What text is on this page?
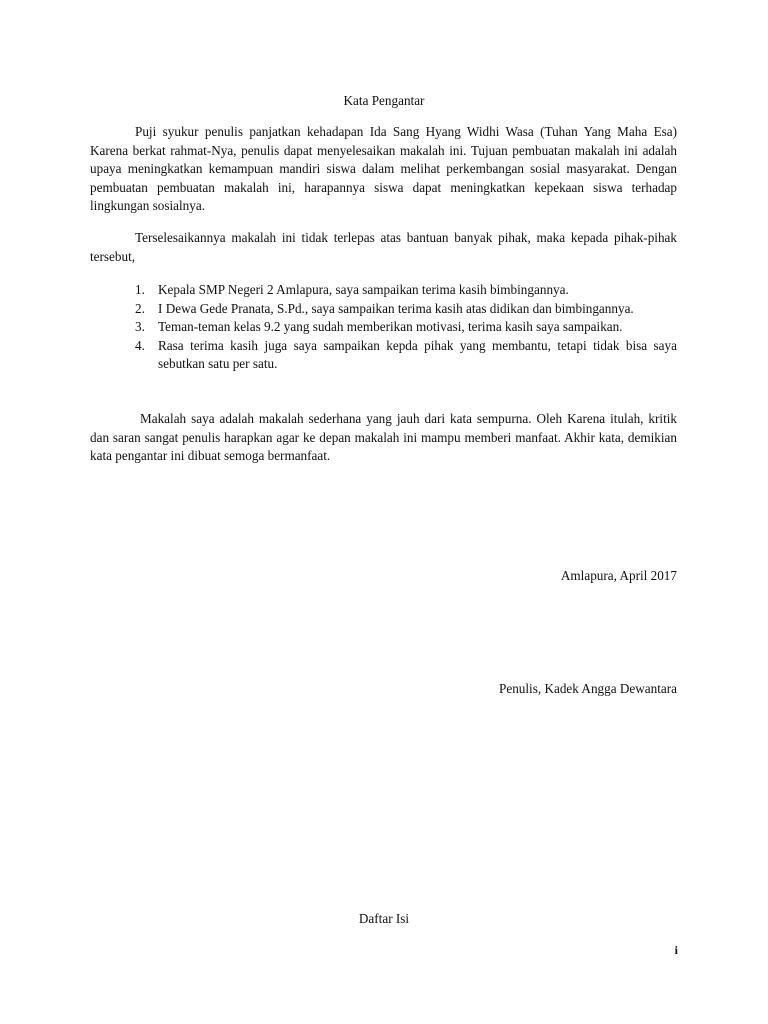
Kata Pengantar

Puji syukur penulis panjatkan kehadapan Ida Sang Hyang Widhi Wasa (Tuhan Yang Maha Esa) Karena berkat rahmat-Nya, penulis dapat menyelesaikan makalah ini. Tujuan pembuatan makalah ini adalah upaya meningkatkan kemampuan mandiri siswa dalam melihat perkembangan sosial masyarakat. Dengan pembuatan pembuatan makalah ini, harapannya siswa dapat meningkatkan kepekaan siswa terhadap lingkungan sosialnya.

Terselesaikannya makalah ini tidak terlepas atas bantuan banyak pihak, maka kepada pihak-pihak tersebut,

1. Kepala SMP Negeri 2 Amlapura, saya sampaikan terima kasih bimbingannya.
2. I Dewa Gede Pranata, S.Pd., saya sampaikan terima kasih atas didikan dan bimbingannya.
3. Teman-teman kelas 9.2 yang sudah memberikan motivasi, terima kasih saya sampaikan.
4. Rasa terima kasih juga saya sampaikan kepda pihak yang membantu, tetapi tidak bisa saya sebutkan satu per satu.

Makalah saya adalah makalah sederhana yang jauh dari kata sempurna. Oleh Karena itulah, kritik dan saran sangat penulis harapkan agar ke depan makalah ini mampu memberi manfaat. Akhir kata, demikian kata pengantar ini dibuat semoga bermanfaat.

Amlapura, April 2017
Penulis, Kadek Angga Dewantara
Daftar Isi
i
